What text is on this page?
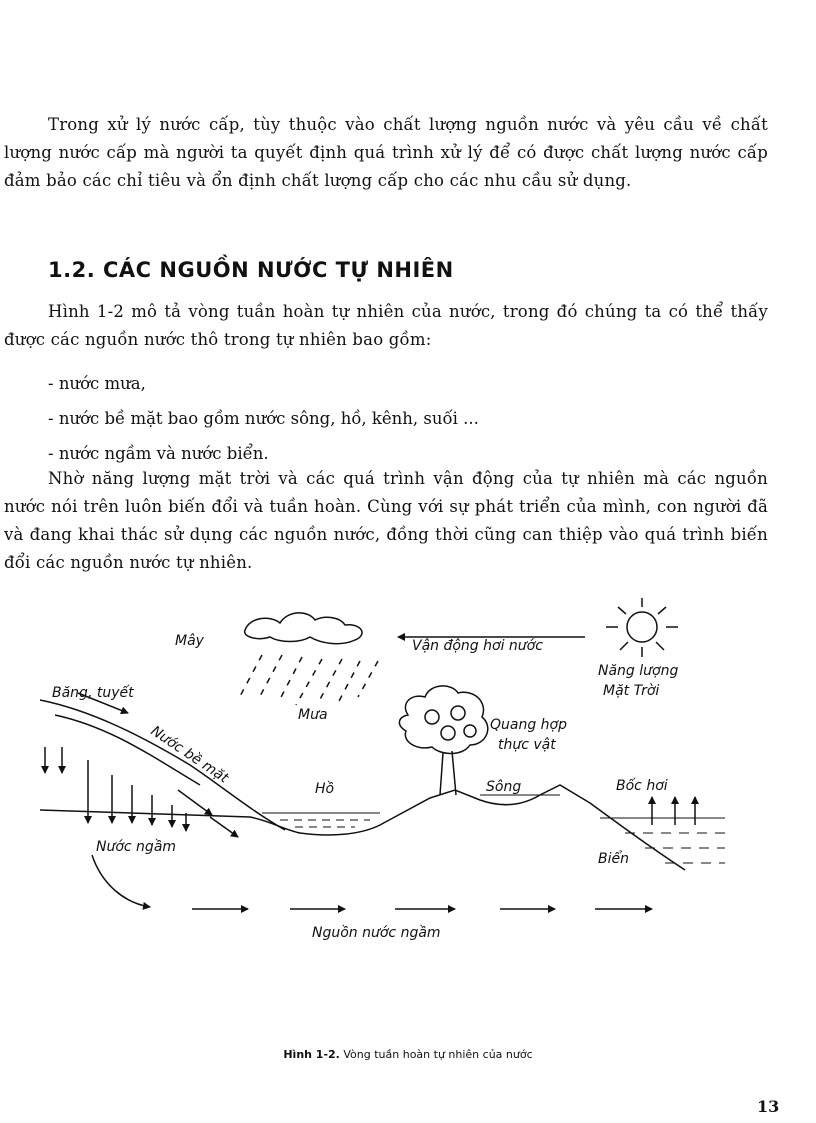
Trong xử lý nước cấp, tùy thuộc vào chất lượng nguồn nước và yêu cầu về chất lượng nước cấp mà người ta quyết định quá trình xử lý để có được chất lượng nước cấp đảm bảo các chỉ tiêu và ổn định chất lượng cấp cho các nhu cầu sử dụng.

1.2. CÁC NGUỒN NƯỚC TỰ NHIÊN

Hình 1-2 mô tả vòng tuần hoàn tự nhiên của nước, trong đó chúng ta có thể thấy được các nguồn nước thô trong tự nhiên bao gồm:

- nước mưa,
- nước bề mặt bao gồm nước sông, hồ, kênh, suối ...
- nước ngầm và nước biển.

Nhờ năng lượng mặt trời và các quá trình vận động của tự nhiên mà các nguồn nước nói trên luôn biến đổi và tuần hoàn. Cùng với sự phát triển của mình, con người đã và đang khai thác sử dụng các nguồn nước, đồng thời cũng can thiệp vào quá trình biến đổi các nguồn nước tự nhiên.

Mây	Vận động hơi nước
Năng lượng
Mặt Trời
Băng, tuyết
Mưa
Quang hợp
thực vật
Nước bề mặt
Hồ	Sông	Bốc hơi
Nước ngầm
Biển
Nguồn nước ngầm
Hình 1-2. Vòng tuần hoàn tự nhiên của nước
13
